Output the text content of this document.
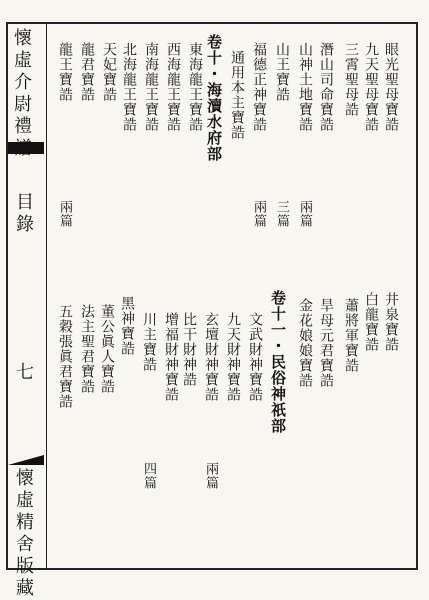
懷虛介尉禮譜
目錄
七
懷虛精舍版藏
眼光聖母寶誥
九天聖母寶誥
三霄聖母誥
潛山司命寶誥
山神土地寶誥
山王寶誥
福德正神寶誥
通用本主寶誥
卷十・海瀆水府部
東海龍王寶誥
西海龍王寶誥
南海龍王寶誥
北海龍王寶誥
天妃寶誥
龍君寶誥
龍王寶誥
兩篇
三篇
兩篇
兩篇
井泉寶誥
白龍寶誥
蕭將軍寶誥
旱母元君寶誥
卷十一・民俗神祇部 金花娘娘寶誥
文武財神寶誥
九天財神寶誥
玄壇財神寶誥
比干財神誥
增福財神寶誥
川主寶誥
黑神寶誥
董公眞人寶誥
法主聖君寶誥
五穀張眞君寶誥
兩篇
四篇
